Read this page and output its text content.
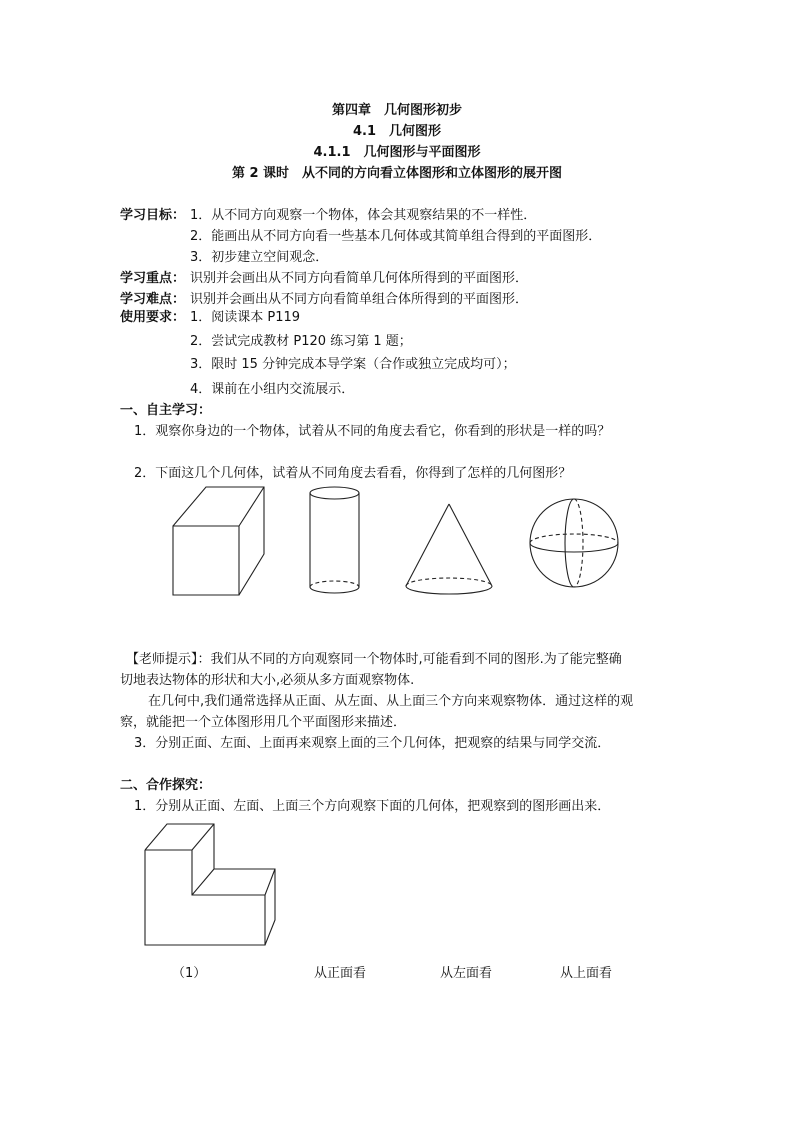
第四章　几何图形初步
4.1　几何图形
4.1.1　几何图形与平面图形
第 2 课时　从不同的方向看立体图形和立体图形的展开图
学习目标： 1．从不同方向观察一个物体，体会其观察结果的不一样性．
2．能画出从不同方向看一些基本几何体或其简单组合得到的平面图形．
3．初步建立空间观念．
学习重点： 识别并会画出从不同方向看简单几何体所得到的平面图形．
学习难点： 识别并会画出从不同方向看简单组合体所得到的平面图形．
使用要求： 1．阅读课本 P119
2．尝试完成教材 P120 练习第 1 题；
3．限时 15 分钟完成本导学案（合作或独立完成均可）；
4．课前在小组内交流展示．
一、自主学习：
1．观察你身边的一个物体，试着从不同的角度去看它，你看到的形状是一样的吗？
2．下面这几个几何体，试着从不同角度去看看，你得到了怎样的几何图形？
【老师提示】：我们从不同的方向观察同一个物体时,可能看到不同的图形.为了能完整确
切地表达物体的形状和大小,必须从多方面观察物体.
在几何中,我们通常选择从正面、从左面、从上面三个方向来观察物体．通过这样的观
察，就能把一个立体图形用几个平面图形来描述．
3．分别正面、左面、上面再来观察上面的三个几何体，把观察的结果与同学交流．
二、合作探究：
1．分别从正面、左面、上面三个方向观察下面的几何体，把观察到的图形画出来．
（1）	从正面看	从左面看	从上面看
